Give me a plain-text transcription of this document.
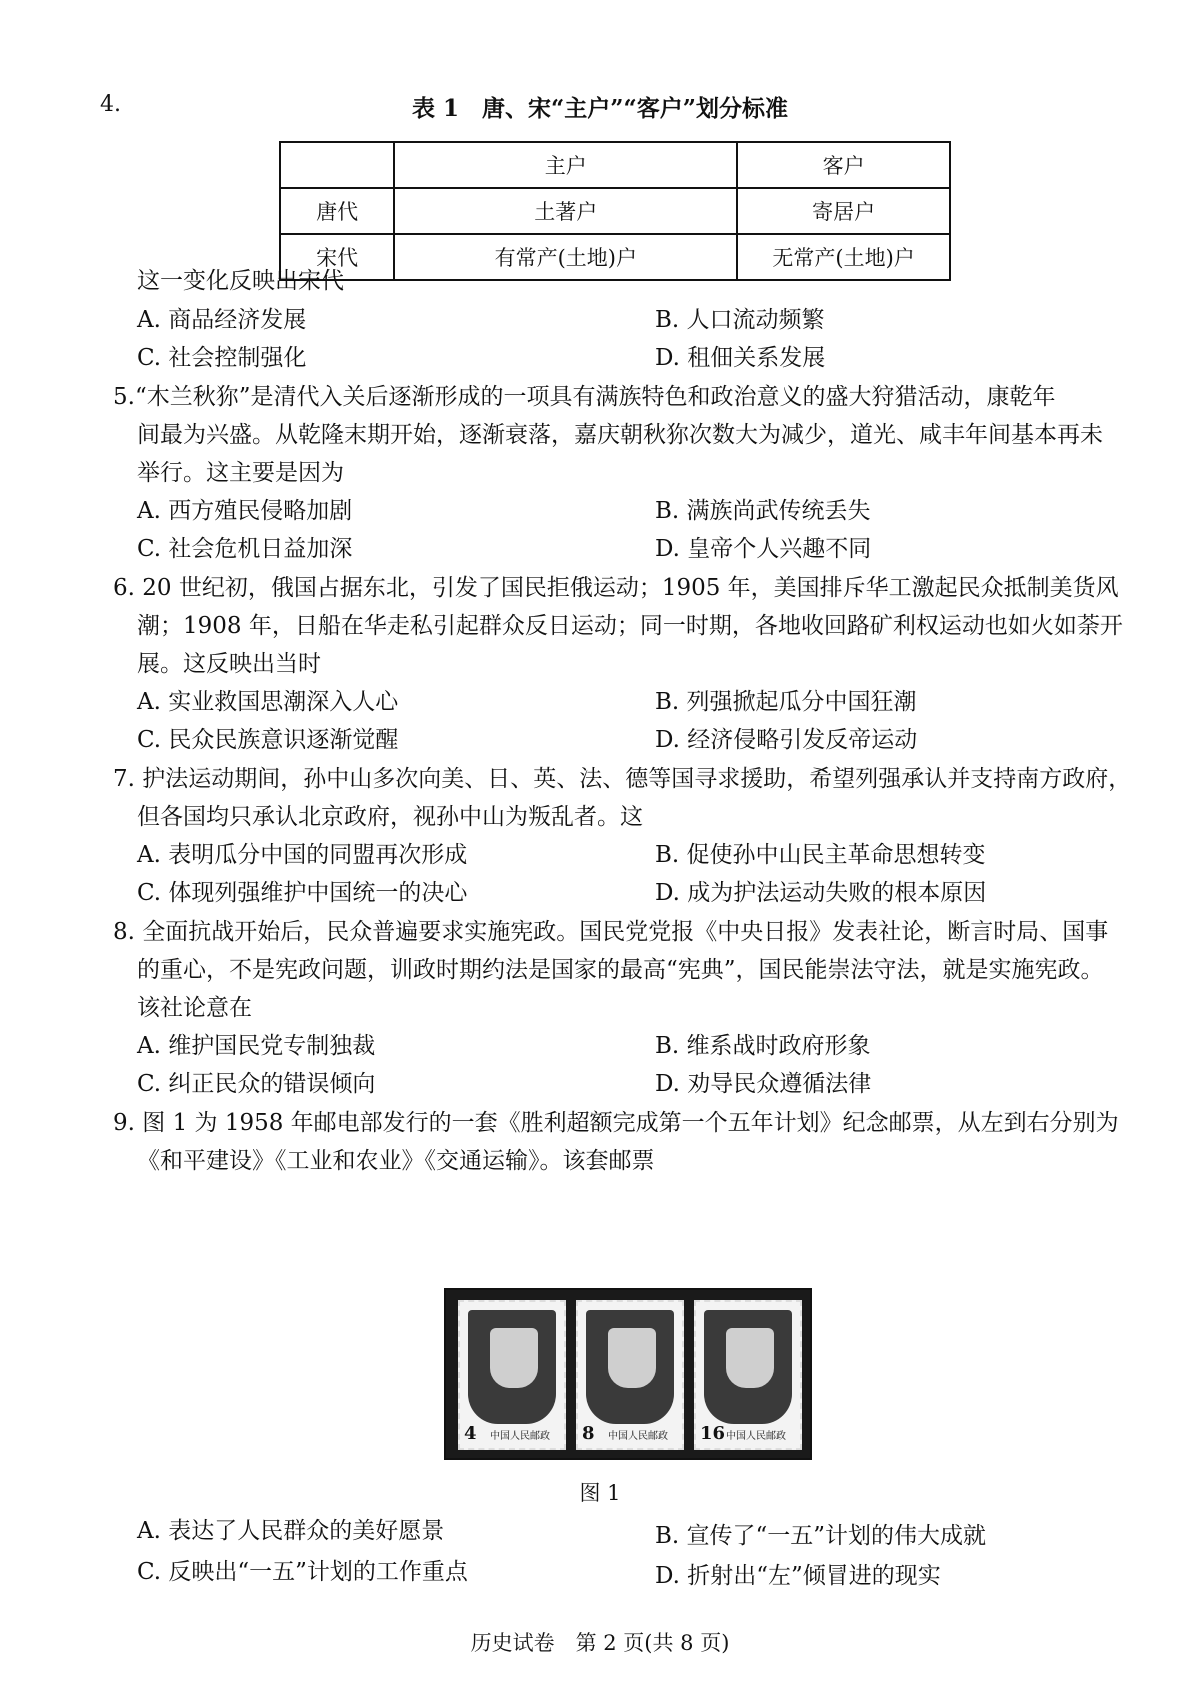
4.	表 1　唐、宋“主户”“客户”划分标准
	主户	客户
唐代	土著户	寄居户
宋代	有常产(土地)户	无常产(土地)户
这一变化反映出宋代
A. 商品经济发展	B. 人口流动频繁
C. 社会控制强化	D. 租佃关系发展
5.“木兰秋狝”是清代入关后逐渐形成的一项具有满族特色和政治意义的盛大狩猎活动，康乾年
间最为兴盛。从乾隆末期开始，逐渐衰落，嘉庆朝秋狝次数大为减少，道光、咸丰年间基本再未
举行。这主要是因为
A. 西方殖民侵略加剧	B. 满族尚武传统丢失
C. 社会危机日益加深	D. 皇帝个人兴趣不同
6. 20 世纪初，俄国占据东北，引发了国民拒俄运动；1905 年，美国排斥华工激起民众抵制美货风
潮；1908 年，日船在华走私引起群众反日运动；同一时期，各地收回路矿利权运动也如火如荼开
展。这反映出当时
A. 实业救国思潮深入人心	B. 列强掀起瓜分中国狂潮
C. 民众民族意识逐渐觉醒	D. 经济侵略引发反帝运动
7. 护法运动期间，孙中山多次向美、日、英、法、德等国寻求援助，希望列强承认并支持南方政府，
但各国均只承认北京政府，视孙中山为叛乱者。这
A. 表明瓜分中国的同盟再次形成	B. 促使孙中山民主革命思想转变
C. 体现列强维护中国统一的决心	D. 成为护法运动失败的根本原因
8. 全面抗战开始后，民众普遍要求实施宪政。国民党党报《中央日报》发表社论，断言时局、国事
的重心，不是宪政问题，训政时期约法是国家的最高“宪典”，国民能崇法守法，就是实施宪政。
该社论意在
A. 维护国民党专制独裁	B. 维系战时政府形象
C. 纠正民众的错误倾向	D. 劝导民众遵循法律
9. 图 1 为 1958 年邮电部发行的一套《胜利超额完成第一个五年计划》纪念邮票，从左到右分别为
《和平建设》《工业和农业》《交通运输》。该套邮票
4 中国人民邮政 8 中国人民邮政 16 中国人民邮政
图 1
A. 表达了人民群众的美好愿景	B. 宣传了“一五”计划的伟大成就
C. 反映出“一五”计划的工作重点	D. 折射出“左”倾冒进的现实
历史试卷　第 2 页(共 8 页)
